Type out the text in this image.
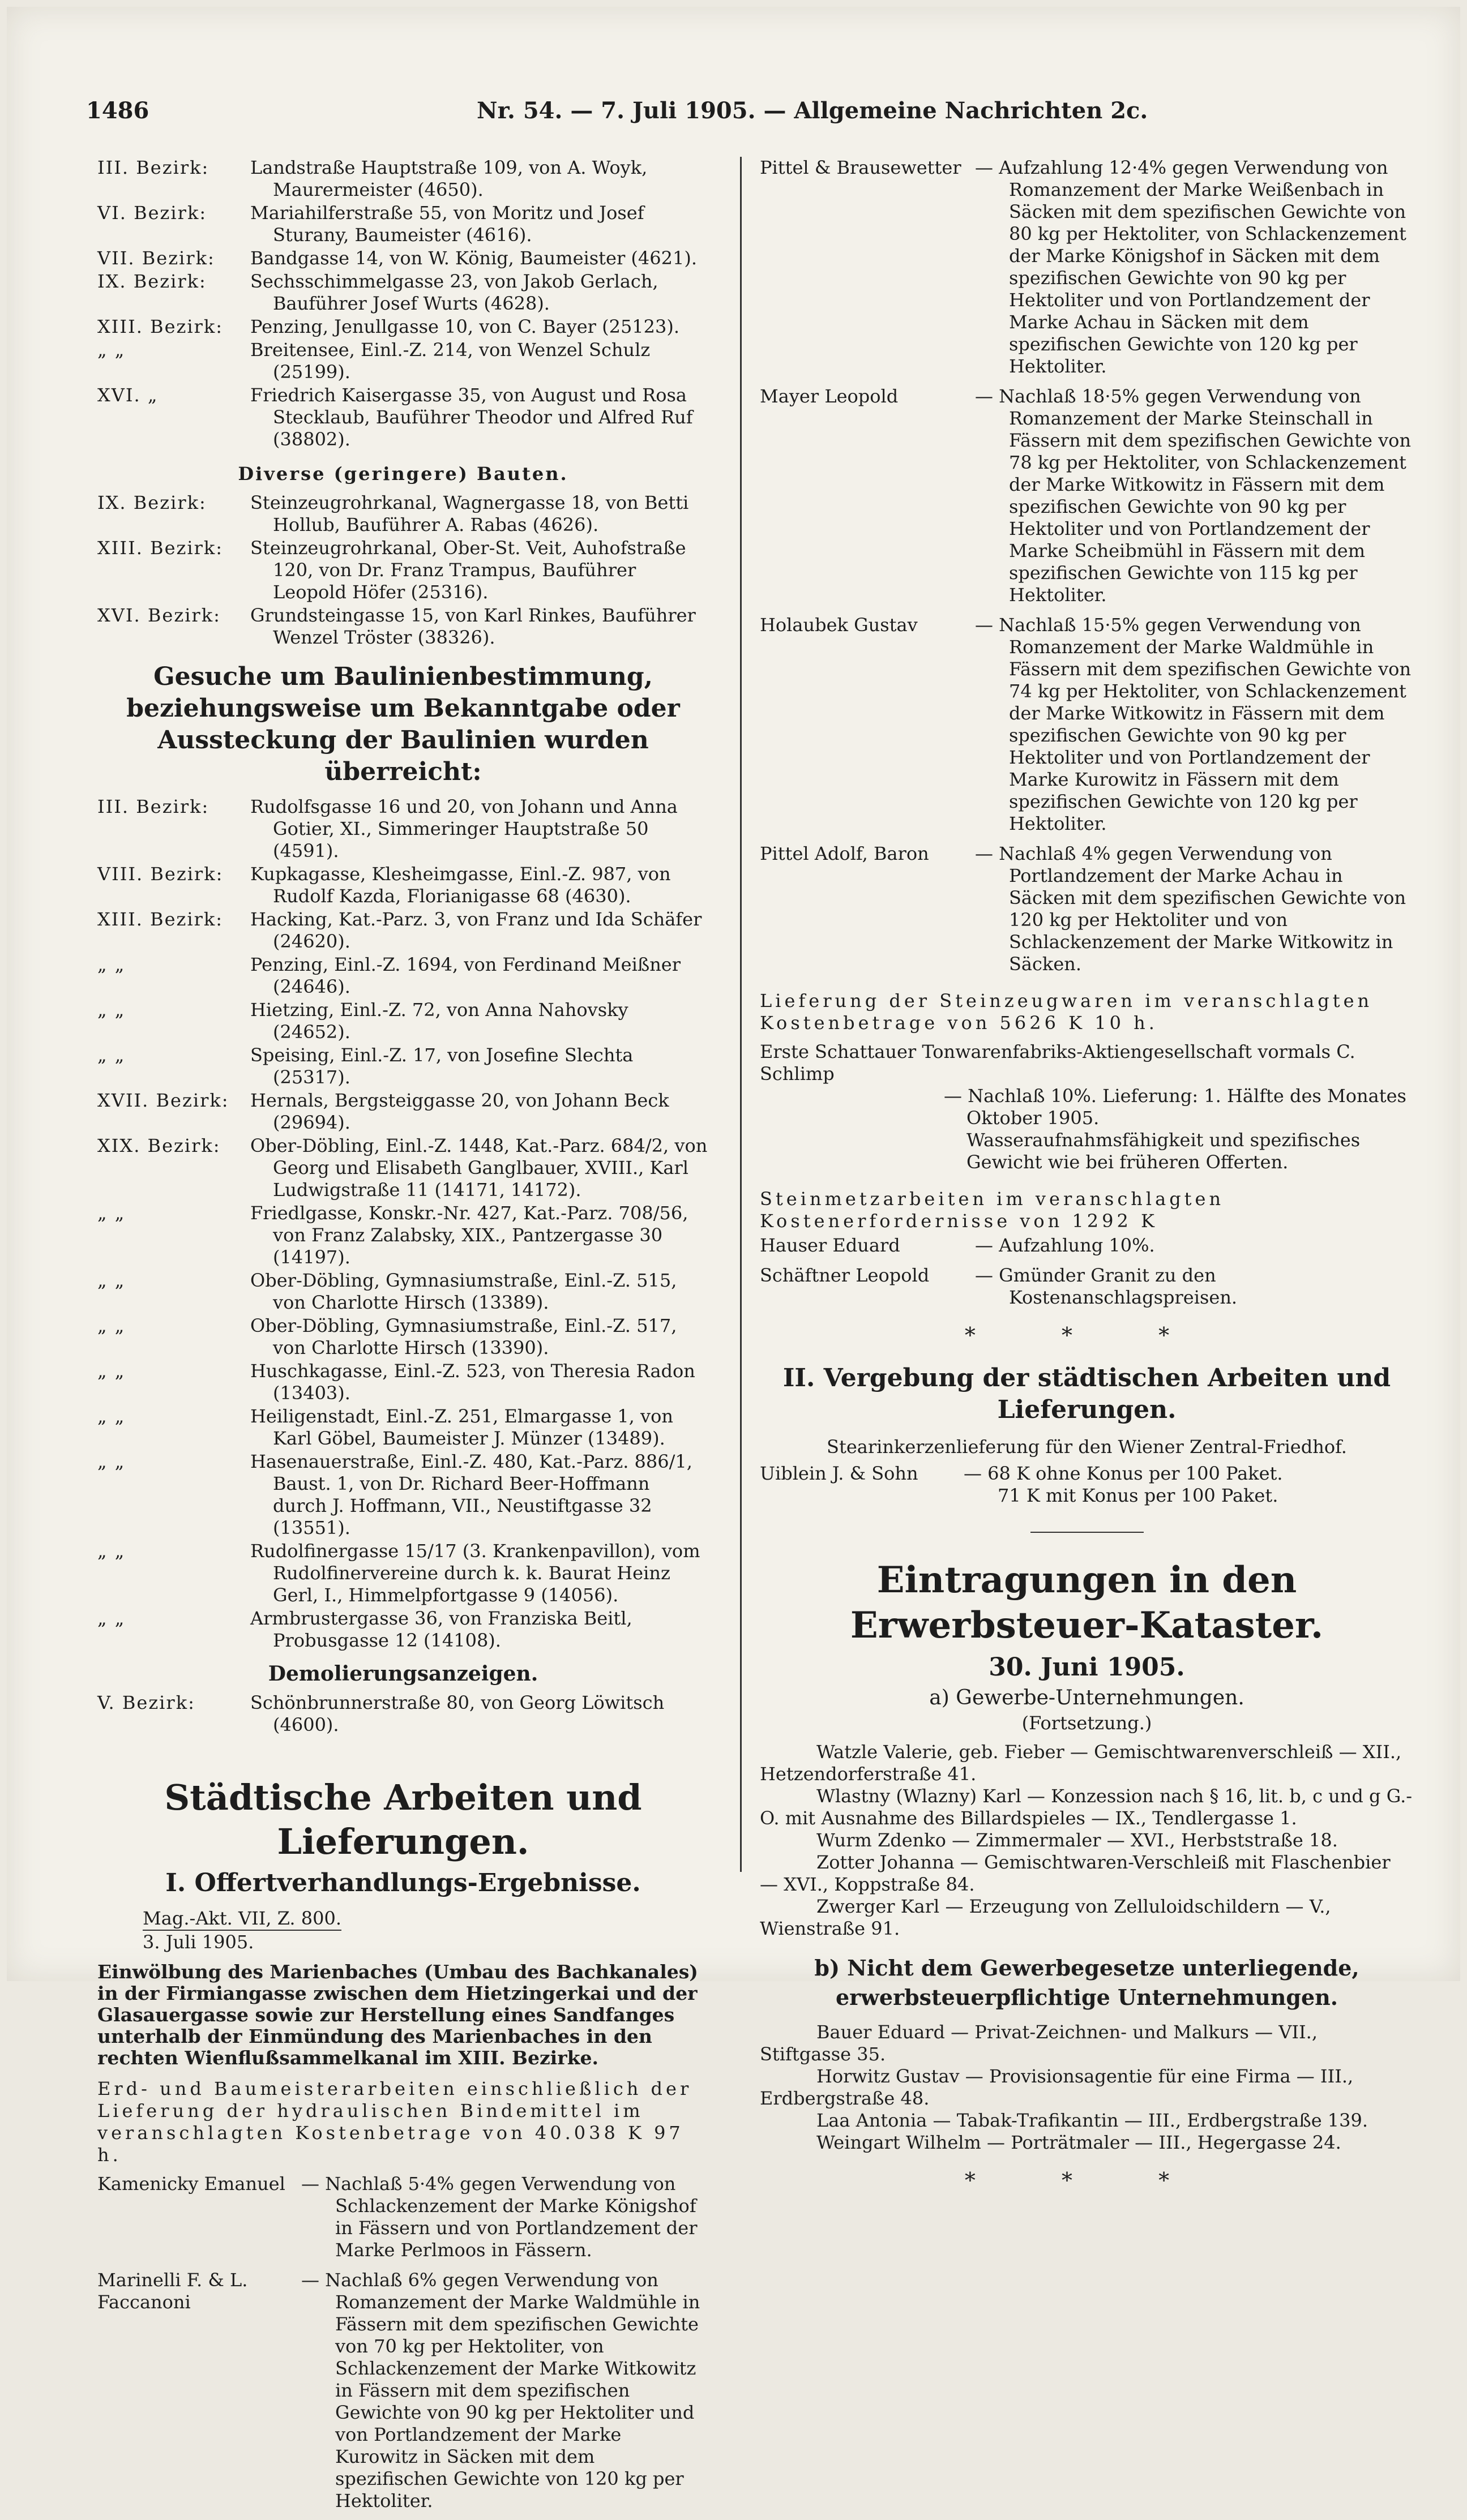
1486	Nr. 54. — 7. Juli 1905. — Allgemeine Nachrichten 2c.
III. Bezirk:	Landstraße Hauptstraße 109, von A. Woyk, Maurermeister (4650).
VI. Bezirk:	Mariahilferstraße 55, von Moritz und Josef Sturany, Baumeister (4616).
VII. Bezirk:	Bandgasse 14, von W. König, Baumeister (4621).
IX. Bezirk:	Sechsschimmelgasse 23, von Jakob Gerlach, Bauführer Josef Wurts (4628).
XIII. Bezirk:	Penzing, Jenullgasse 10, von C. Bayer (25123).
„ „	Breitensee, Einl.-Z. 214, von Wenzel Schulz (25199).
XVI. „	Friedrich Kaisergasse 35, von August und Rosa Stecklaub, Bauführer Theodor und Alfred Ruf (38802).
Diverse (geringere) Bauten.
IX. Bezirk:	Steinzeugrohrkanal, Wagnergasse 18, von Betti Hollub, Bauführer A. Rabas (4626).
XIII. Bezirk:	Steinzeugrohrkanal, Ober-St. Veit, Auhofstraße 120, von Dr. Franz Trampus, Bauführer Leopold Höfer (25316).
XVI. Bezirk:	Grundsteingasse 15, von Karl Rinkes, Bauführer Wenzel Tröster (38326).
Gesuche um Baulinienbestimmung, beziehungsweise um Bekanntgabe oder Aussteckung der Baulinien wurden überreicht:
III. Bezirk:	Rudolfsgasse 16 und 20, von Johann und Anna Gotier, XI., Simmeringer Hauptstraße 50 (4591).
VIII. Bezirk:	Kupkagasse, Klesheimgasse, Einl.-Z. 987, von Rudolf Kazda, Florianigasse 68 (4630).
XIII. Bezirk:	Hacking, Kat.-Parz. 3, von Franz und Ida Schäfer (24620).
„ „	Penzing, Einl.-Z. 1694, von Ferdinand Meißner (24646).
„ „	Hietzing, Einl.-Z. 72, von Anna Nahovsky (24652).
„ „	Speising, Einl.-Z. 17, von Josefine Slechta (25317).
XVII. Bezirk:	Hernals, Bergsteiggasse 20, von Johann Beck (29694).
XIX. Bezirk:	Ober-Döbling, Einl.-Z. 1448, Kat.-Parz. 684/2, von Georg und Elisabeth Ganglbauer, XVIII., Karl Ludwigstraße 11 (14171, 14172).
„ „	Friedlgasse, Konskr.-Nr. 427, Kat.-Parz. 708/56, von Franz Zalabsky, XIX., Pantzergasse 30 (14197).
„ „	Ober-Döbling, Gymnasiumstraße, Einl.-Z. 515, von Charlotte Hirsch (13389).
„ „	Ober-Döbling, Gymnasiumstraße, Einl.-Z. 517, von Charlotte Hirsch (13390).
„ „	Huschkagasse, Einl.-Z. 523, von Theresia Radon (13403).
„ „	Heiligenstadt, Einl.-Z. 251, Elmargasse 1, von Karl Göbel, Baumeister J. Münzer (13489).
„ „	Hasenauerstraße, Einl.-Z. 480, Kat.-Parz. 886/1, Baust. 1, von Dr. Richard Beer-Hoffmann durch J. Hoffmann, VII., Neustiftgasse 32 (13551).
„ „	Rudolfinergasse 15/17 (3. Krankenpavillon), vom Rudolfinervereine durch k. k. Baurat Heinz Gerl, I., Himmelpfortgasse 9 (14056).
„ „	Armbrustergasse 36, von Franziska Beitl, Probusgasse 12 (14108).
Demolierungsanzeigen.
V. Bezirk:	Schönbrunnerstraße 80, von Georg Löwitsch (4600).
Städtische Arbeiten und Lieferungen.
I. Offertverhandlungs-Ergebnisse.
Mag.-Akt. VII, Z. 800.
3. Juli 1905.
Einwölbung des Marienbaches (Umbau des Bachkanales) in der Firmiangasse zwischen dem Hietzingerkai und der Glasauergasse sowie zur Herstellung eines Sandfanges unterhalb der Einmündung des Marienbaches in den rechten Wienflußsammelkanal im XIII. Bezirke.
Erd- und Baumeisterarbeiten einschließlich der Lieferung der hydraulischen Bindemittel im veranschlagten Kostenbetrage von 40.038 K 97 h.
Kamenicky Emanuel — Nachlaß 5·4% gegen Verwendung von Schlackenzement der Marke Königshof in Fässern und von Portlandzement der Marke Perlmoos in Fässern.
Marinelli F. & L. Faccanoni
— Nachlaß 6% gegen Verwendung von Romanzement der Marke Waldmühle in Fässern mit dem spezifischen Gewichte von 70 kg per Hektoliter, von Schlackenzement der Marke Witkowitz in Fässern mit dem spezifischen Gewichte von 90 kg per Hektoliter und von Portlandzement der Marke Kurowitz in Säcken mit dem spezifischen Gewichte von 120 kg per Hektoliter.
Pittel & Brausewetter — Aufzahlung 12·4% gegen Verwendung von Romanzement der Marke Weißenbach in Säcken mit dem spezifischen Gewichte von 80 kg per Hektoliter, von Schlackenzement der Marke Königshof in Säcken mit dem spezifischen Gewichte von 90 kg per Hektoliter und von Portlandzement der Marke Achau in Säcken mit dem spezifischen Gewichte von 120 kg per Hektoliter.
Mayer Leopold	— Nachlaß 18·5% gegen Verwendung von Romanzement der Marke Steinschall in Fässern mit dem spezifischen Gewichte von 78 kg per Hektoliter, von Schlackenzement der Marke Witkowitz in Fässern mit dem spezifischen Gewichte von 90 kg per Hektoliter und von Portlandzement der Marke Scheibmühl in Fässern mit dem spezifischen Gewichte von 115 kg per Hektoliter.
Holaubek Gustav	— Nachlaß 15·5% gegen Verwendung von Romanzement der Marke Waldmühle in Fässern mit dem spezifischen Gewichte von 74 kg per Hektoliter, von Schlackenzement der Marke Witkowitz in Fässern mit dem spezifischen Gewichte von 90 kg per Hektoliter und von Portlandzement der Marke Kurowitz in Fässern mit dem spezifischen Gewichte von 120 kg per Hektoliter.
Pittel Adolf, Baron	— Nachlaß 4% gegen Verwendung von Portlandzement der Marke Achau in Säcken mit dem spezifischen Gewichte von 120 kg per Hektoliter und von Schlackenzement der Marke Witkowitz in Säcken.
Lieferung der Steinzeugwaren im veranschlagten Kostenbetrage von 5626 K 10 h.
Erste Schattauer Tonwarenfabriks-Aktiengesellschaft vormals C. Schlimp
— Nachlaß 10%. Lieferung: 1. Hälfte des Monates Oktober 1905.
Wasseraufnahmsfähigkeit und spezifisches Gewicht wie bei früheren Offerten.
Steinmetzarbeiten im veranschlagten Kostenerfordernisse von 1292 K
Hauser Eduard	— Aufzahlung 10%.
Schäftner Leopold	— Gmünder Granit zu den Kostenanschlagspreisen.
* * *
II. Vergebung der städtischen Arbeiten und Lieferungen.
Stearinkerzenlieferung für den Wiener Zentral-Friedhof.
Uiblein J. & Sohn	— 68 K ohne Konus per 100 Paket.
71 K mit Konus per 100 Paket.
Eintragungen in den Erwerbsteuer-Kataster.
30. Juni 1905.
a) Gewerbe-Unternehmungen.
(Fortsetzung.)
Watzle Valerie, geb. Fieber — Gemischtwarenverschleiß — XII., Hetzendorferstraße 41.
Wlastny (Wlazny) Karl — Konzession nach § 16, lit. b, c und g G.-O. mit Ausnahme des Billardspieles — IX., Tendlergasse 1.
Wurm Zdenko — Zimmermaler — XVI., Herbststraße 18.
Zotter Johanna — Gemischtwaren-Verschleiß mit Flaschenbier — XVI., Koppstraße 84.
Zwerger Karl — Erzeugung von Zelluloidschildern — V., Wienstraße 91.
b) Nicht dem Gewerbegesetze unterliegende, erwerbsteuerpflichtige Unternehmungen.
Bauer Eduard — Privat-Zeichnen- und Malkurs — VII., Stiftgasse 35.
Horwitz Gustav — Provisionsagentie für eine Firma — III., Erdbergstraße 48.
Laa Antonia — Tabak-Trafikantin — III., Erdbergstraße 139.
Weingart Wilhelm — Porträtmaler — III., Hegergasse 24.
* * *
